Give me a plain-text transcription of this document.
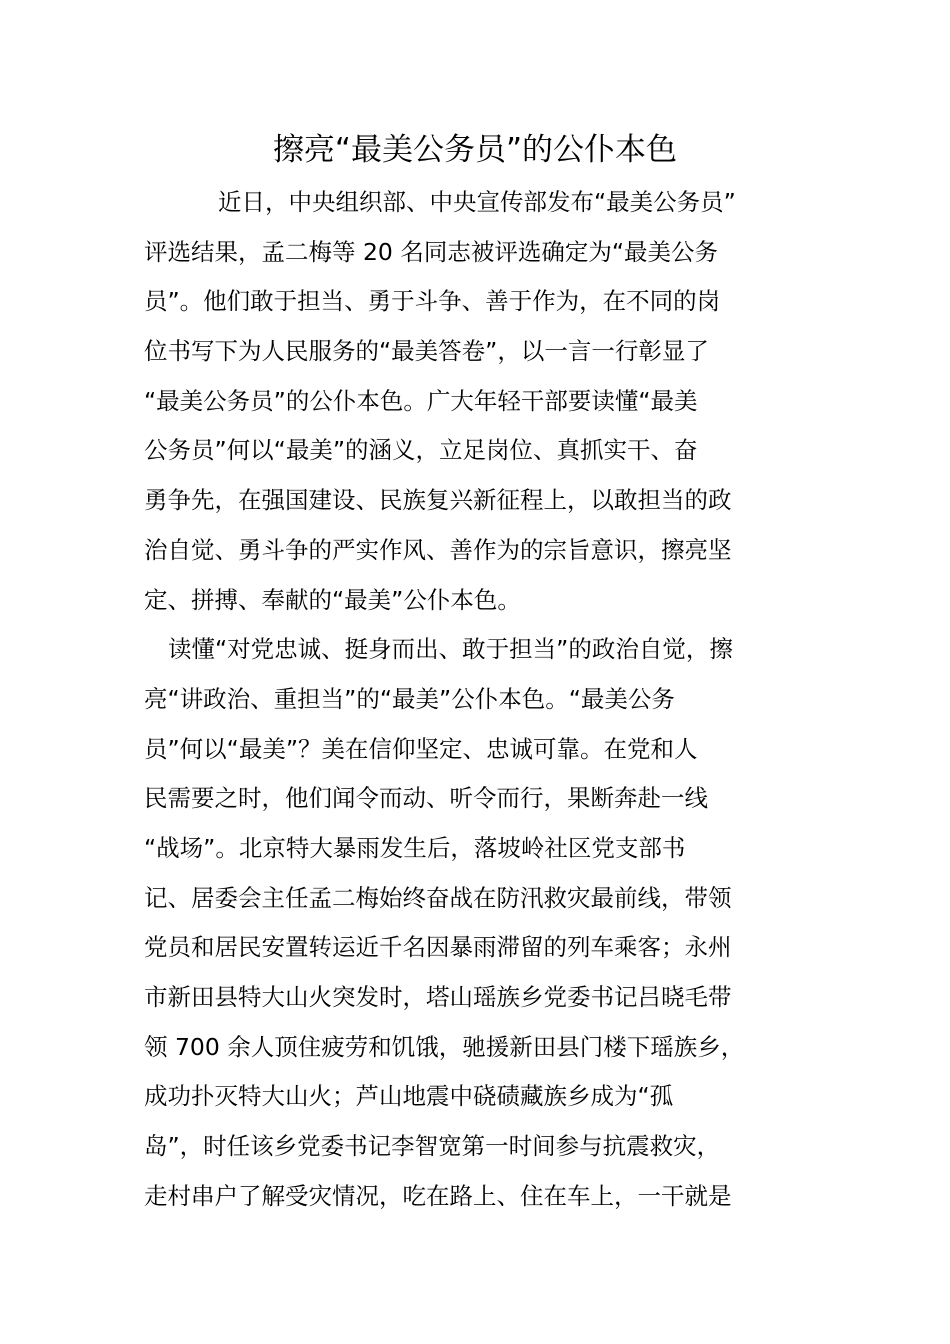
擦亮“最美公务员”的公仆本色
近日，中央组织部、中央宣传部发布“最美公务员”
评选结果，孟二梅等 20 名同志被评选确定为“最美公务
员”。他们敢于担当、勇于斗争、善于作为，在不同的岗
位书写下为人民服务的“最美答卷”，以一言一行彰显了
“最美公务员”的公仆本色。广大年轻干部要读懂“最美
公务员”何以“最美”的涵义，立足岗位、真抓实干、奋
勇争先，在强国建设、民族复兴新征程上，以敢担当的政
治自觉、勇斗争的严实作风、善作为的宗旨意识，擦亮坚
定、拼搏、奉献的“最美”公仆本色。
读懂“对党忠诚、挺身而出、敢于担当”的政治自觉，擦
亮“讲政治、重担当”的“最美”公仆本色。“最美公务
员”何以“最美”？美在信仰坚定、忠诚可靠。在党和人
民需要之时，他们闻令而动、听令而行，果断奔赴一线
“战场”。北京特大暴雨发生后，落坡岭社区党支部书
记、居委会主任孟二梅始终奋战在防汛救灾最前线，带领
党员和居民安置转运近千名因暴雨滞留的列车乘客；永州
市新田县特大山火突发时，塔山瑶族乡党委书记吕晓毛带
领 700 余人顶住疲劳和饥饿，驰援新田县门楼下瑶族乡，
成功扑灭特大山火；芦山地震中硗碛藏族乡成为“孤
岛”，时任该乡党委书记李智宽第一时间参与抗震救灾，
走村串户了解受灾情况，吃在路上、住在车上，一干就是
